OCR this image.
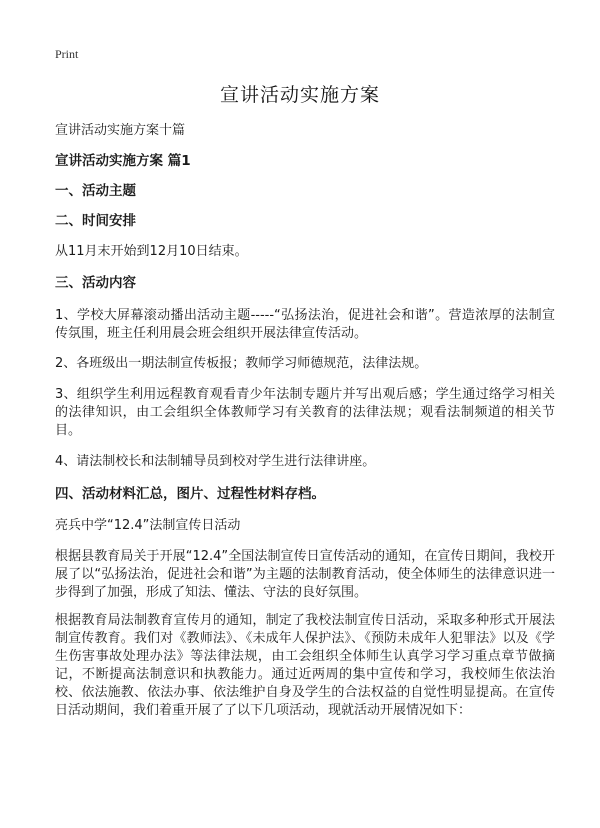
Print
宣讲活动实施方案

宣讲活动实施方案十篇

宣讲活动实施方案 篇1

一、活动主题

二、时间安排

从11月末开始到12月10日结束。

三、活动内容

1、学校大屏幕滚动播出活动主题-----“弘扬法治，促进社会和谐”。营造浓厚的法制宣传氛围，班主任利用晨会班会组织开展法律宣传活动。

2、各班级出一期法制宣传板报；教师学习师德规范，法律法规。

3、组织学生利用远程教育观看青少年法制专题片并写出观后感；学生通过络学习相关的法律知识，由工会组织全体教师学习有关教育的法律法规；观看法制频道的相关节目。

4、请法制校长和法制辅导员到校对学生进行法律讲座。

四、活动材料汇总，图片、过程性材料存档。

亮兵中学“12.4”法制宣传日活动

根据县教育局关于开展“12.4”全国法制宣传日宣传活动的通知，在宣传日期间，我校开展了以“弘扬法治，促进社会和谐”为主题的法制教育活动，使全体师生的法律意识进一步得到了加强，形成了知法、懂法、守法的良好氛围。

根据教育局法制教育宣传月的通知，制定了我校法制宣传日活动，采取多种形式开展法制宣传教育。我们对《教师法》、《未成年人保护法》、《预防未成年人犯罪法》以及《学生伤害事故处理办法》等法律法规，由工会组织全体师生认真学习学习重点章节做摘记，不断提高法制意识和执教能力。通过近两周的集中宣传和学习，我校师生依法治校、依法施教、依法办事、依法维护自身及学生的合法权益的自觉性明显提高。在宣传日活动期间，我们着重开展了了以下几项活动，现就活动开展情况如下：
